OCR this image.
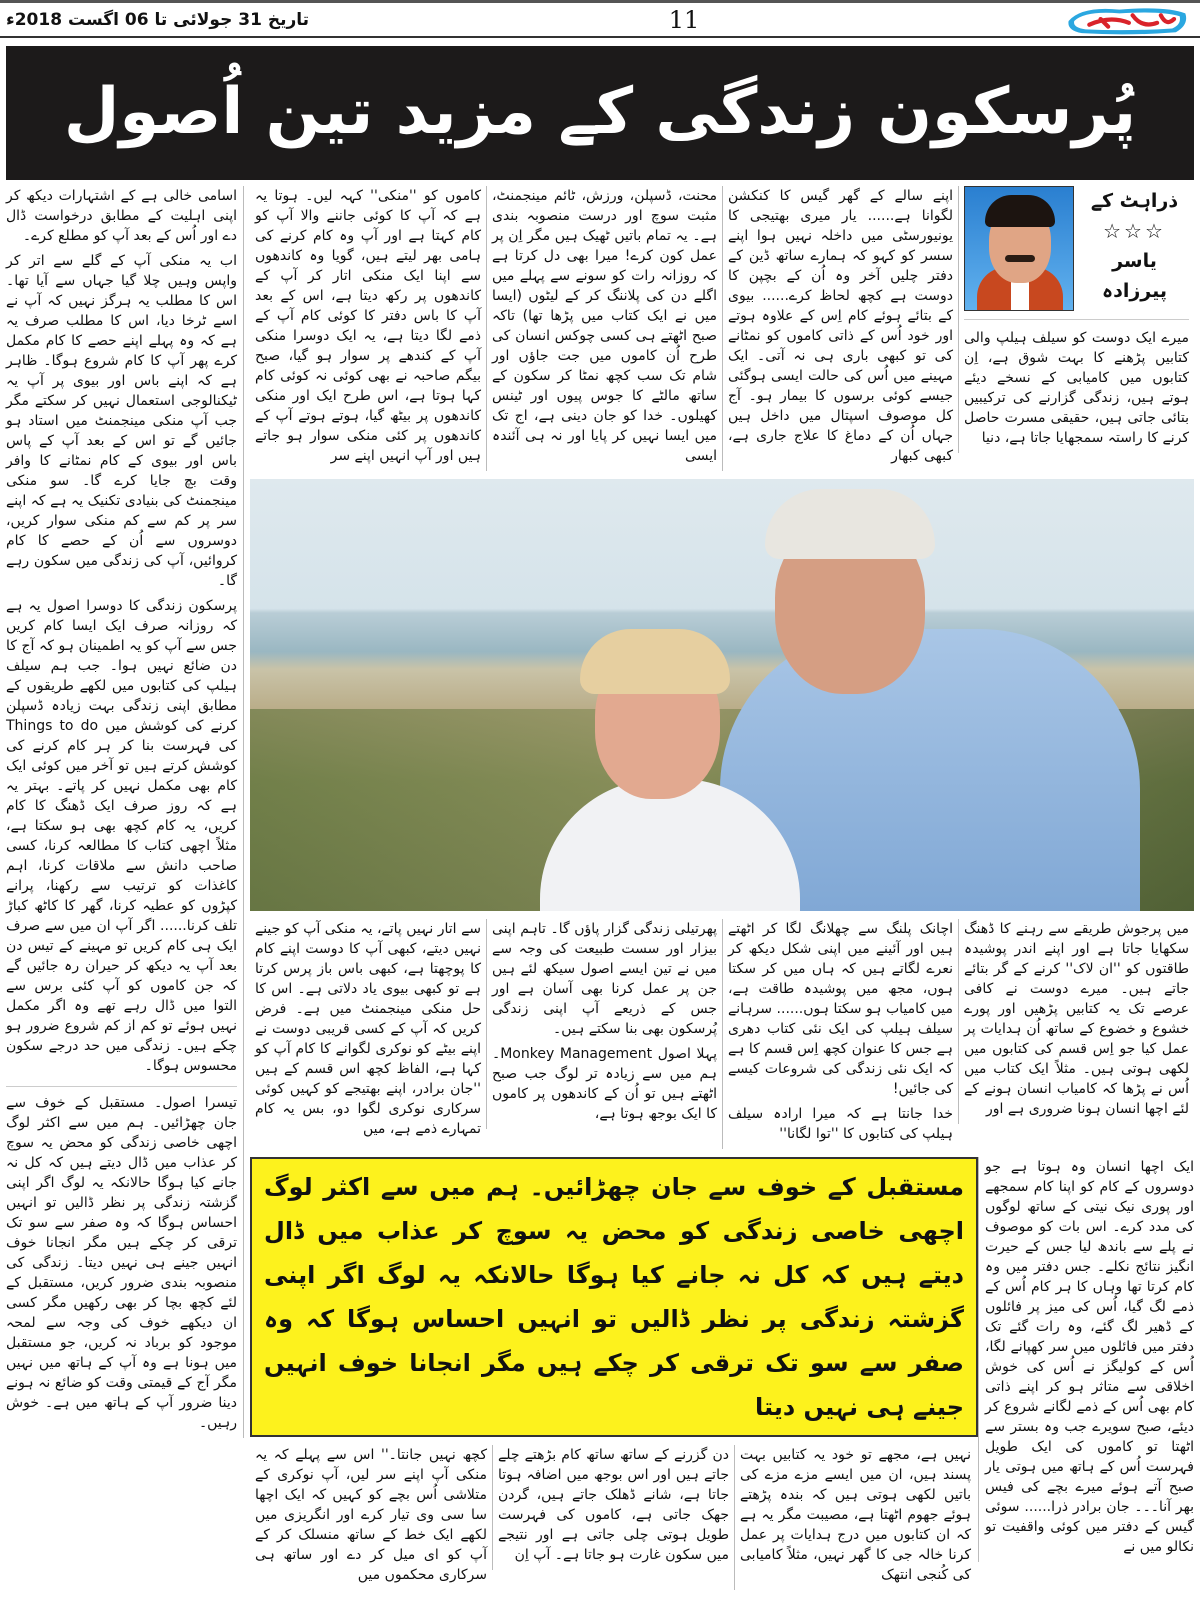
تاریخ 31 جولائی تا 06 اگست 2018ء	11
پُرسکون زندگی کے مزید تین اُصول

اسامی خالی ہے کے اشتہارات دیکھ کر اپنی اہلیت کے مطابق درخواست ڈال دے اور اُس کے بعد آپ کو مطلع کرے۔

اب یہ منکی آپ کے گلے سے اتر کر واپس وہیں چلا گیا جہاں سے آیا تھا۔ اس کا مطلب یہ ہرگز نہیں کہ آپ نے اسے ٹرخا دیا، اس کا مطلب صرف یہ ہے کہ وہ پہلے اپنے حصے کا کام مکمل کرے پھر آپ کا کام شروع ہوگا۔ ظاہر ہے کہ اپنے باس اور بیوی پر آپ یہ ٹیکنالوجی استعمال نہیں کر سکتے مگر جب آپ منکی مینجمنٹ میں استاد ہو جائیں گے تو اس کے بعد آپ کے پاس باس اور بیوی کے کام نمٹانے کا وافر وقت بچ جایا کرے گا۔ سو منکی مینجمنٹ کی بنیادی تکنیک یہ ہے کہ اپنے سر پر کم سے کم منکی سوار کریں، دوسروں سے اُن کے حصے کا کام کروائیں، آپ کی زندگی میں سکون رہے گا۔

پرسکون زندگی کا دوسرا اصول یہ ہے کہ روزانہ صرف ایک ایسا کام کریں جس سے آپ کو یہ اطمینان ہو کہ آج کا دن ضائع نہیں ہوا۔ جب ہم سیلف ہیلپ کی کتابوں میں لکھے طریقوں کے مطابق اپنی زندگی بہت زیادہ ڈسپلن کرنے کی کوشش میں Things to do کی فہرست بنا کر ہر کام کرنے کی کوشش کرتے ہیں تو آخر میں کوئی ایک کام بھی مکمل نہیں کر پاتے۔ بہتر یہ ہے کہ روز صرف ایک ڈھنگ کا کام کریں، یہ کام کچھ بھی ہو سکتا ہے، مثلاً اچھی کتاب کا مطالعہ کرنا، کسی صاحب دانش سے ملاقات کرنا، اہم کاغذات کو ترتیب سے رکھنا، پرانے کپڑوں کو عطیہ کرنا، گھر کا کاٹھ کباڑ تلف کرنا...... اگر آپ ان میں سے صرف ایک ہی کام کریں تو مہینے کے تیس دن بعد آپ یہ دیکھ کر حیران رہ جائیں گے کہ جن کاموں کو آپ کئی برس سے التوا میں ڈال رہے تھے وہ اگر مکمل نہیں ہوئے تو کم از کم شروع ضرور ہو چکے ہیں۔ زندگی میں حد درجے سکون محسوس ہوگا۔

تیسرا اصول۔ مستقبل کے خوف سے جان چھڑائیں۔ ہم میں سے اکثر لوگ اچھی خاصی زندگی کو محض یہ سوچ کر عذاب میں ڈال دیتے ہیں کہ کل نہ جانے کیا ہوگا حالانکہ یہ لوگ اگر اپنی گزشتہ زندگی پر نظر ڈالیں تو انہیں احساس ہوگا کہ وہ صفر سے سو تک ترقی کر چکے ہیں مگر انجانا خوف انہیں جینے ہی نہیں دیتا۔ زندگی کی منصوبہ بندی ضرور کریں، مستقبل کے لئے کچھ بچا کر بھی رکھیں مگر کسی ان دیکھے خوف کی وجہ سے لمحہ موجود کو برباد نہ کریں، جو مستقبل میں ہونا ہے وہ آپ کے ہاتھ میں نہیں مگر آج کے قیمتی وقت کو ضائع نہ ہونے دینا ضرور آپ کے ہاتھ میں ہے۔ خوش رہیں۔

کاموں کو ''منکی'' کہہ لیں۔ ہوتا یہ ہے کہ آپ کا کوئی جاننے والا آپ کو کام کہتا ہے اور آپ وہ کام کرنے کی ہامی بھر لیتے ہیں، گویا وہ کاندھوں سے اپنا ایک منکی اتار کر آپ کے کاندھوں پر رکھ دیتا ہے، اس کے بعد آپ کا باس دفتر کا کوئی کام آپ کے ذمے لگا دیتا ہے، یہ ایک دوسرا منکی آپ کے کندھے پر سوار ہو گیا، صبح بیگم صاحبہ نے بھی کوئی نہ کوئی کام کہا ہوتا ہے، اس طرح ایک اور منکی کاندھوں پر بیٹھ گیا، ہوتے ہوتے آپ کے کاندھوں پر کئی منکی سوار ہو جاتے ہیں اور آپ انہیں اپنے سر

محنت، ڈسپلن، ورزش، ٹائم مینجمنٹ، مثبت سوچ اور درست منصوبہ بندی ہے۔ یہ تمام باتیں ٹھیک ہیں مگر اِن پر عمل کون کرے! میرا بھی دل کرتا ہے کہ روزانہ رات کو سونے سے پہلے میں اگلے دن کی پلاننگ کر کے لیٹوں (ایسا میں نے ایک کتاب میں پڑھا تھا) تاکہ صبح اٹھتے ہی کسی چوکس انسان کی طرح اُن کاموں میں جت جاؤں اور شام تک سب کچھ نمٹا کر سکون کے ساتھ مالٹے کا جوس پیوں اور ٹینس کھیلوں۔ خدا کو جان دینی ہے، اج تک میں ایسا نہیں کر پایا اور نہ ہی آئندہ ایسی

اپنے سالے کے گھر گیس کا کنکشن لگوانا ہے...... یار میری بھتیجی کا یونیورسٹی میں داخلہ نہیں ہوا اپنے سسر کو کہو کہ ہمارے ساتھ ڈین کے دفتر چلیں آخر وہ اُن کے بچپن کا دوست ہے کچھ لحاظ کرے...... بیوی کے بتائے ہوئے کام اِس کے علاوہ ہوتے اور خود اُس کے ذاتی کاموں کو نمٹانے کی تو کبھی باری ہی نہ آتی۔ ایک مہینے میں اُس کی حالت ایسی ہوگئی جیسے کوئی برسوں کا بیمار ہو۔ آج کل موصوف اسپتال میں داخل ہیں جہاں اُن کے دماغ کا علاج جاری ہے، کبھی کبھار

ذراہٹ کے
☆☆☆
یاسر پیرزادہ

میرے ایک دوست کو سیلف ہیلپ والی کتابیں پڑھنے کا بہت شوق ہے، اِن کتابوں میں کامیابی کے نسخے دیئے ہوتے ہیں، زندگی گزارنے کی ترکیبیں بتائی جاتی ہیں، حقیقی مسرت حاصل کرنے کا راستہ سمجھایا جاتا ہے، دنیا

سے اتار نہیں پاتے، یہ منکی آپ کو جینے نہیں دیتے، کبھی آپ کا دوست اپنے کام کا پوچھتا ہے، کبھی باس باز پرس کرتا ہے تو کبھی بیوی یاد دلاتی ہے۔ اس کا حل منکی مینجمنٹ میں ہے۔ فرض کریں کہ آپ کے کسی قریبی دوست نے اپنے بیٹے کو نوکری لگوانے کا کام آپ کو کہا ہے، الفاظ کچھ اس قسم کے ہیں ''جان برادر، اپنے بھتیجے کو کہیں کوئی سرکاری نوکری لگوا دو، بس یہ کام تمہارے ذمے ہے، میں

پھرتیلی زندگی گزار پاؤں گا۔ تاہم اپنی بیزار اور سست طبیعت کی وجہ سے میں نے تین ایسے اصول سیکھ لئے ہیں جن پر عمل کرنا بھی آسان ہے اور جس کے ذریعے آپ اپنی زندگی پُرسکون بھی بنا سکتے ہیں۔

پہلا اصول Monkey Management۔ ہم میں سے زیادہ تر لوگ جب صبح اٹھتے ہیں تو اُن کے کاندھوں پر کاموں کا ایک بوجھ ہوتا ہے،

اچانک پلنگ سے چھلانگ لگا کر اٹھتے ہیں اور آئینے میں اپنی شکل دیکھ کر نعرے لگاتے ہیں کہ ہاں میں کر سکتا ہوں، مجھ میں پوشیدہ طاقت ہے، میں کامیاب ہو سکتا ہوں...... سرہانے سیلف ہیلپ کی ایک نئی کتاب دھری ہے جس کا عنوان کچھ اِس قسم کا ہے کہ ایک نئی زندگی کی شروعات کیسے کی جائیں!

خدا جانتا ہے کہ میرا ارادہ سیلف ہیلپ کی کتابوں کا ''توا لگانا''

میں پرجوش طریقے سے رہنے کا ڈھنگ سکھایا جاتا ہے اور اپنے اندر پوشیدہ طاقتوں کو ''ان لاک'' کرنے کے گر بتائے جاتے ہیں۔ میرے دوست نے کافی عرصے تک یہ کتابیں پڑھیں اور پورے خشوع و خضوع کے ساتھ اُن ہدایات پر عمل کیا جو اِس قسم کی کتابوں میں لکھی ہوتی ہیں۔ مثلاً ایک کتاب میں اُس نے پڑھا کہ کامیاب انسان ہونے کے لئے اچھا انسان ہونا ضروری ہے اور

مستقبل کے خوف سے جان چھڑائیں۔ ہم میں سے اکثر لوگ اچھی خاصی زندگی کو محض یہ سوچ کر عذاب میں ڈال دیتے ہیں کہ کل نہ جانے کیا ہوگا حالانکہ یہ لوگ اگر اپنی گزشتہ زندگی پر نظر ڈالیں تو انہیں احساس ہوگا کہ وہ صفر سے سو تک ترقی کر چکے ہیں مگر انجانا خوف انہیں جینے ہی نہیں دیتا

کچھ نہیں جانتا۔'' اس سے پہلے کہ یہ منکی آپ اپنے سر لیں، آپ نوکری کے متلاشی اُس بچے کو کہیں کہ ایک اچھا سا سی وی تیار کرے اور انگریزی میں لکھے ایک خط کے ساتھ منسلک کر کے آپ کو ای میل کر دے اور ساتھ ہی سرکاری محکموں میں

دن گزرنے کے ساتھ ساتھ کام بڑھتے چلے جاتے ہیں اور اس بوجھ میں اضافہ ہوتا جاتا ہے، شانے ڈھلک جاتے ہیں، گردن جھک جاتی ہے، کاموں کی فہرست طویل ہوتی چلی جاتی ہے اور نتیجے میں سکون غارت ہو جاتا ہے۔ آپ اِن

نہیں ہے، مجھے تو خود یہ کتابیں بہت پسند ہیں، ان میں ایسے مزے مزے کی باتیں لکھی ہوتی ہیں کہ بندہ پڑھتے ہوئے جھوم اٹھتا ہے، مصیبت مگر یہ ہے کہ ان کتابوں میں درج ہدایات پر عمل کرنا خالہ جی کا گھر نہیں، مثلاً کامیابی کی کُنجی انتھک

ایک اچھا انسان وہ ہوتا ہے جو دوسروں کے کام کو اپنا کام سمجھے اور پوری نیک نیتی کے ساتھ لوگوں کی مدد کرے۔ اس بات کو موصوف نے پلے سے باندھ لیا جس کے حیرت انگیز نتائج نکلے۔ جس دفتر میں وہ کام کرتا تھا وہاں کا ہر کام اُس کے ذمے لگ گیا، اُس کی میز پر فائلوں کے ڈھیر لگ گئے، وہ رات گئے تک دفتر میں فائلوں میں سر کھپانے لگا، اُس کے کولیگز نے اُس کی خوش اخلاقی سے متاثر ہو کر اپنے ذاتی کام بھی اُس کے ذمے لگانے شروع کر دیئے، صبح سویرے جب وہ بستر سے اٹھتا تو کاموں کی ایک طویل فہرست اُس کے ہاتھ میں ہوتی یار صبح آتے ہوئے میرے بچے کی فیس بھر آنا۔۔۔ جان برادر ذرا...... سوئی گیس کے دفتر میں کوئی واقفیت تو نکالو میں نے
